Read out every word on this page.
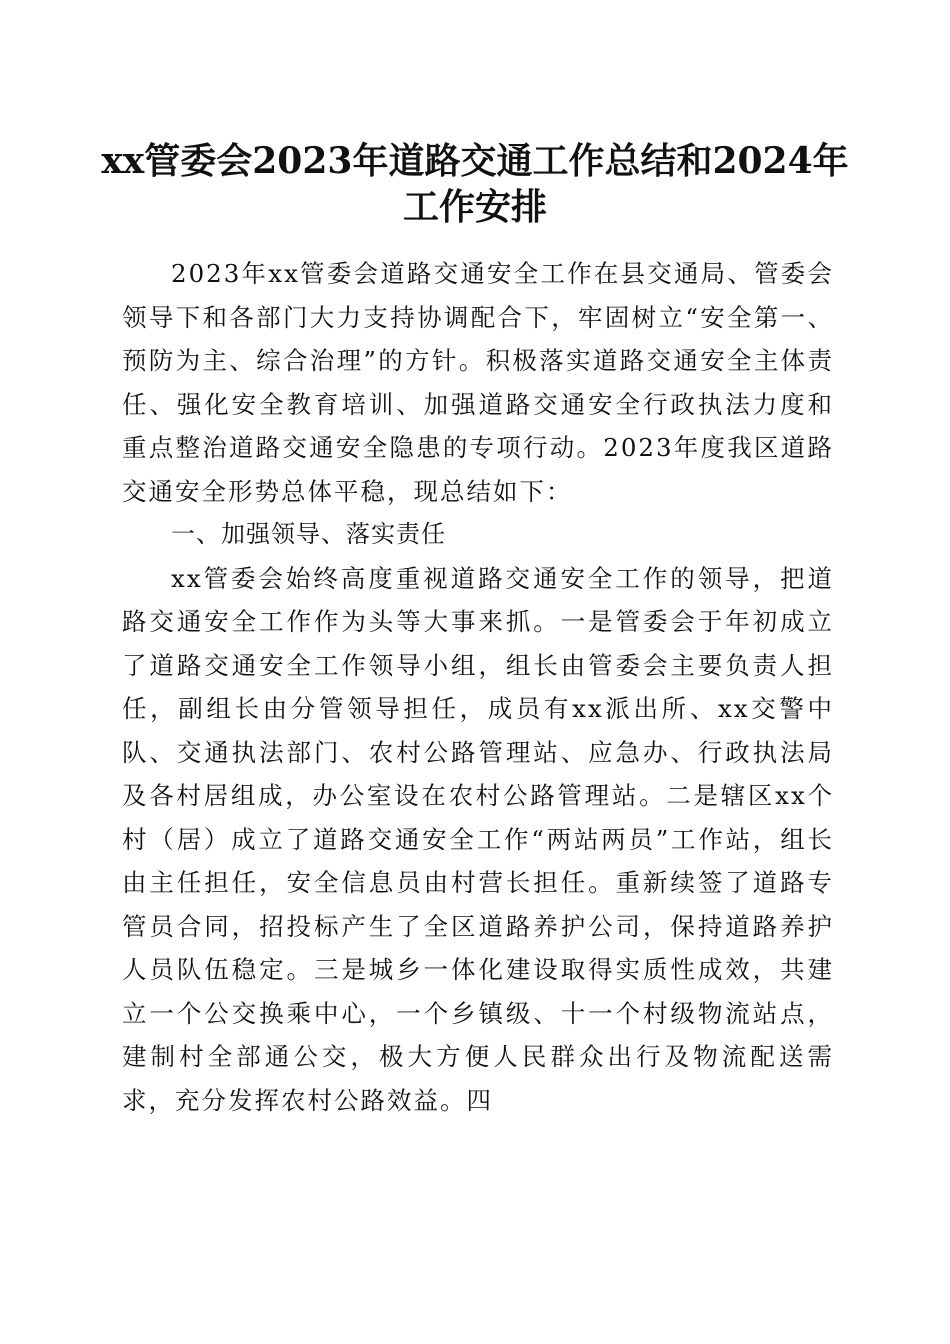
xx管委会2023年道路交通工作总结和2024年
工作安排

2023年xx管委会道路交通安全工作在县交通局、管委会领导下和各部门大力支持协调配合下，牢固树立“安全第一、预防为主、综合治理”的方针。积极落实道路交通安全主体责任、强化安全教育培训、加强道路交通安全行政执法力度和重点整治道路交通安全隐患的专项行动。2023年度我区道路交通安全形势总体平稳，现总结如下：

一、加强领导、落实责任

xx管委会始终高度重视道路交通安全工作的领导，把道路交通安全工作作为头等大事来抓。一是管委会于年初成立了道路交通安全工作领导小组，组长由管委会主要负责人担任，副组长由分管领导担任，成员有xx派出所、xx交警中队、交通执法部门、农村公路管理站、应急办、行政执法局及各村居组成，办公室设在农村公路管理站。二是辖区xx个村（居）成立了道路交通安全工作“两站两员”工作站，组长由主任担任，安全信息员由村营长担任。重新续签了道路专管员合同，招投标产生了全区道路养护公司，保持道路养护人员队伍稳定。三是城乡一体化建设取得实质性成效，共建立一个公交换乘中心，一个乡镇级、十一个村级物流站点，建制村全部通公交，极大方便人民群众出行及物流配送需求，充分发挥农村公路效益。四
